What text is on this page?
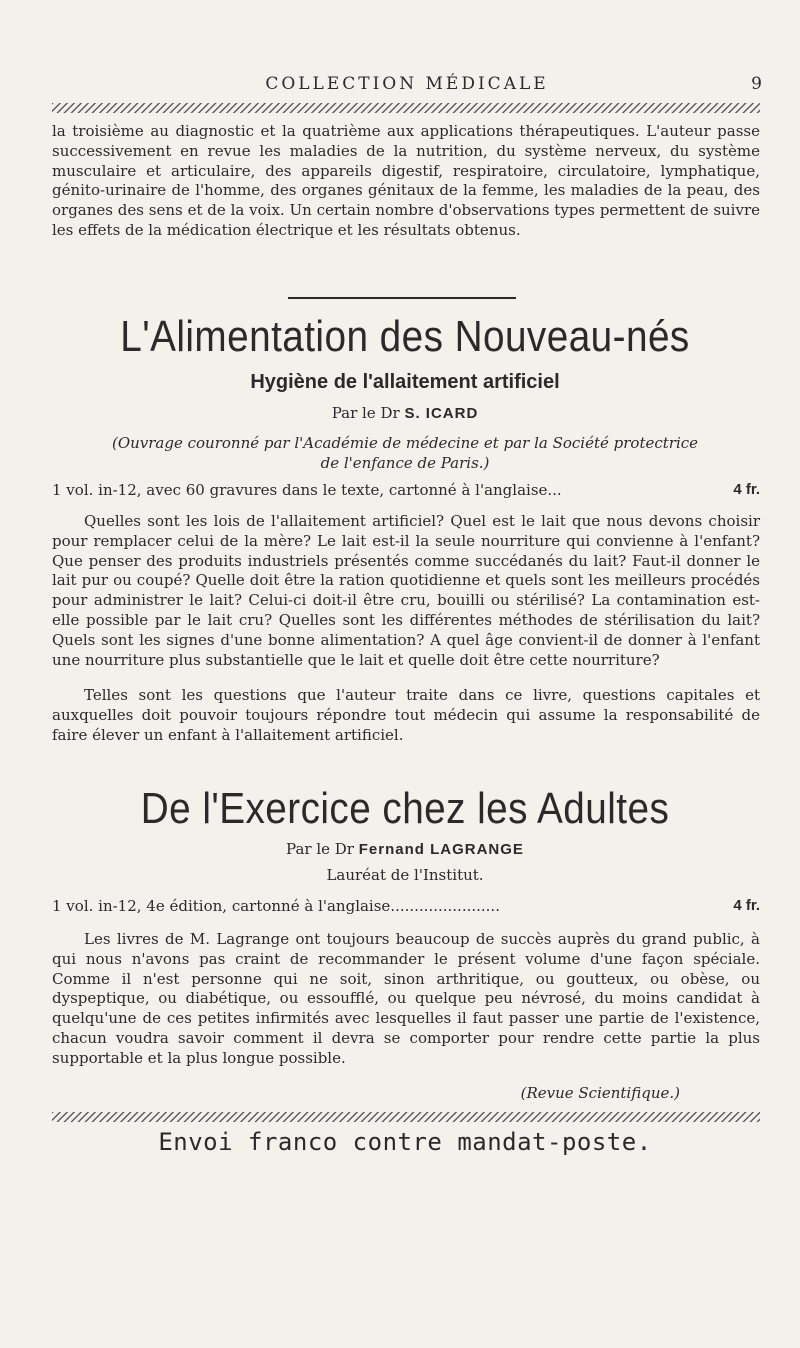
COLLECTION MÉDICALE	9

la troisième au diagnostic et la quatrième aux applications thérapeutiques. L'auteur passe successivement en revue les maladies de la nutrition, du système nerveux, du système musculaire et articulaire, des appareils digestif, respiratoire, circulatoire, lymphatique, génito-urinaire de l'homme, des organes génitaux de la femme, les maladies de la peau, des organes des sens et de la voix. Un certain nombre d'observations types permettent de suivre les effets de la médication électrique et les résultats obtenus.

L'Alimentation des Nouveau-nés
Hygiène de l'allaitement artificiel
Par le Dr S. ICARD
(Ouvrage couronné par l'Académie de médecine et par la Société protectrice
de l'enfance de Paris.)
1 vol. in-12, avec 60 gravures dans le texte, cartonné à l'anglaise...	4 fr.

Quelles sont les lois de l'allaitement artificiel? Quel est le lait que nous devons choisir pour remplacer celui de la mère? Le lait est-il la seule nourriture qui convienne à l'enfant? Que penser des produits industriels présentés comme succédanés du lait? Faut-il donner le lait pur ou coupé? Quelle doit être la ration quotidienne et quels sont les meilleurs procédés pour administrer le lait? Celui-ci doit-il être cru, bouilli ou stérilisé? La contamination est-elle possible par le lait cru? Quelles sont les différentes méthodes de stérilisation du lait? Quels sont les signes d'une bonne alimentation? A quel âge convient-il de donner à l'enfant une nourriture plus substantielle que le lait et quelle doit être cette nourriture?

Telles sont les questions que l'auteur traite dans ce livre, questions capitales et auxquelles doit pouvoir toujours répondre tout médecin qui assume la responsabilité de faire élever un enfant à l'allaitement artificiel.

De l'Exercice chez les Adultes
Par le Dr Fernand LAGRANGE
Lauréat de l'Institut.
1 vol. in-12, 4e édition, cartonné à l'anglaise.......................	4 fr.

Les livres de M. Lagrange ont toujours beaucoup de succès auprès du grand public, à qui nous n'avons pas craint de recommander le présent volume d'une façon spéciale. Comme il n'est personne qui ne soit, sinon arthritique, ou goutteux, ou obèse, ou dyspeptique, ou diabétique, ou essoufflé, ou quelque peu névrosé, du moins candidat à quelqu'une de ces petites infirmités avec lesquelles il faut passer une partie de l'existence, chacun voudra savoir comment il devra se comporter pour rendre cette partie la plus supportable et la plus longue possible.

(Revue Scientifique.)
Envoi franco contre mandat-poste.
